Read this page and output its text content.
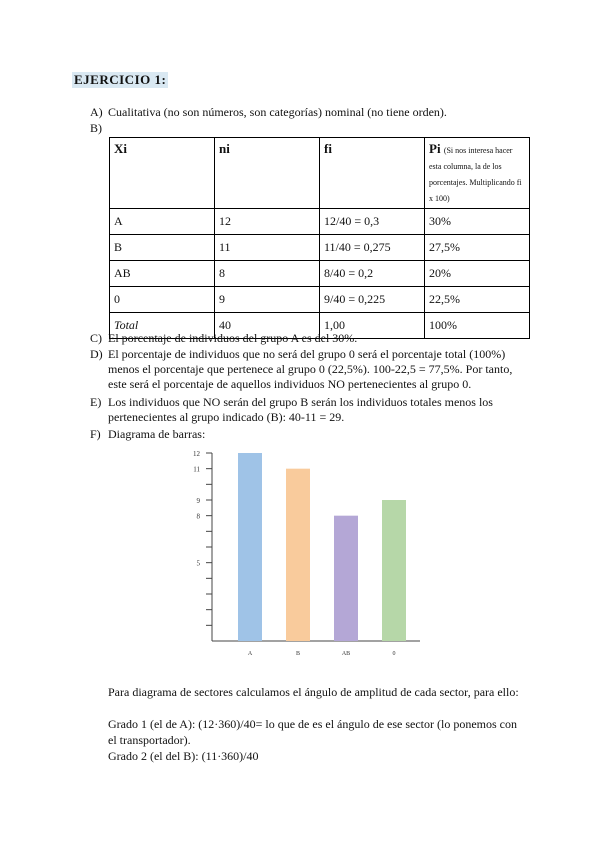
EJERCICIO 1:
A) Cualitativa (no son números, son categorías) nominal (no tiene orden).
B)
Xi	ni	fi	Pi (Si nos interesa hacer esta columna, la de los porcentajes. Multiplicando fi x 100)
A	12	12/40 = 0,3	30%
B	11	11/40 = 0,275	27,5%
AB	8	8/40 = 0,2	20%
0	9	9/40 = 0,225	22,5%
Total	40	1,00	100%
C) El porcentaje de individuos del grupo A es del 30%.
D) El porcentaje de individuos que no será del grupo 0 será el porcentaje total (100%)
menos el porcentaje que pertenece al grupo 0 (22,5%). 100-22,5 = 77,5%. Por tanto,
este será el porcentaje de aquellos individuos NO pertenecientes al grupo 0.
E) Los individuos que NO serán del grupo B serán los individuos totales menos los
pertenecientes al grupo indicado (B): 40-11 = 29.
F) Diagrama de barras:
5
8
9
11
12
A	B	AB	0
Para diagrama de sectores calculamos el ángulo de amplitud de cada sector, para ello:
Grado 1 (el de A): (12·360)/40= lo que de es el ángulo de ese sector (lo ponemos con el transportador).
Grado 2 (el del B): (11·360)/40
